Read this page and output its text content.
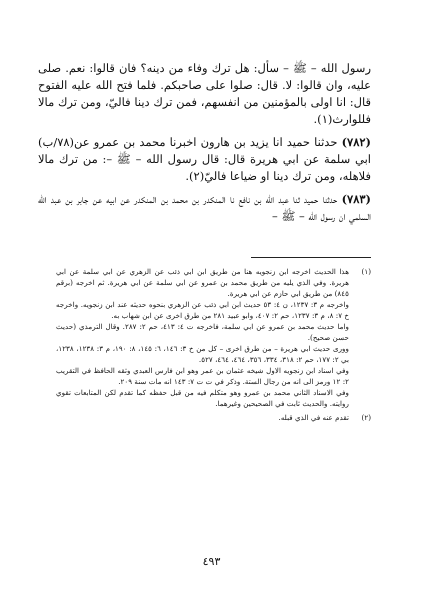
رسول الله – ﷺ – سأل: هل ترك وفاء من دينه؟ فان قالوا: نعم. صلى عليه، وان قالوا: لا. قال: صلوا على صاحبكم. فلما فتح الله عليه الفتوح قال: انا اولى بالمؤمنين من انفسهم، فمن ترك دينا فاليّ، ومن ترك مالا فللوارث(١).

(٧٨٢) حدثنا حميد انا يزيد بن هارون اخبرنا محمد بن عمرو عن(٧٨/ب) ابي سلمة عن ابي هريرة قال: قال رسول الله – ﷺ –: من ترك مالا فلاهله، ومن ترك دينا او ضياعا فاليّ(٢).

(٧٨٣) حدثنا حميد ثنا عبد الله بن نافع نا المنكدر بن محمد بن المنكدر عن ابيه عن جابر بن عبد الله السلمي ان رسول الله – ﷺ –

(١)
هذا الحديث اخرجه ابن زنجويه هنا من طريق ابن ابي ذئب عن الزهري عن ابي سلمة عن ابي هريرة. وفي الذي يليه من طريق محمد بن عمرو عن ابي سلمة عن ابي هريرة. ثم اخرجه (برقم ٨٤٥) من طريق ابي حازم عن ابي هريرة.
واخرجه م ٣: ١٢٣٧، ن ٤: ٥٣ حديث ابن ابي ذئب عن الزهري بنحوه حديثه عند ابن زنجويه. واخرجه خ ٧: ٨، م ٣: ١٢٣٧، حم ٢: ٤٠٧، وابو عبيد ٢٨١ من طرق اخرى عن ابن شهاب به.
واما حديث محمد بن عمرو عن ابي سلمة، فاخرجه ت ٤: ٤١٣، حم ٢: ٢٨٧. وقال الترمذي (حديث حسن صحيح).
وورى حديث ابي هريرة – من طرق اخرى – كل من خ ٣: ١٤٦، ٦: ١٤٥، ٨: ١٩٠، م ٣: ١٢٣٨، ١٢٣٨، بي ٢: ١٧٧، حم ٢: ٣١٨، ٣٣٤، ٣٥٦، ٤٦٤، ٤٦٤، ٥٢٧.
وفي اسناد ابن زنجويه الاول شيخه عثمان بن عمر وهو ابن فارس العبدي وثقه الحافظ في التقريب ٢: ١٢ ورمز الى انه من رجال الستة. وذكر في ت ت ٧: ١٤٣ انه مات سنة ٢٠٩.
وفي الاسناد الثاني محمد بن عمرو وهو متكلم فيه من قبل حفظه كما تقدم لكن المتابعات تقوي روايته. والحديث ثابت في الصحيحين وغيرهما.
(٢)
تقدم عنه في الذي قبله.
٤٩٣
